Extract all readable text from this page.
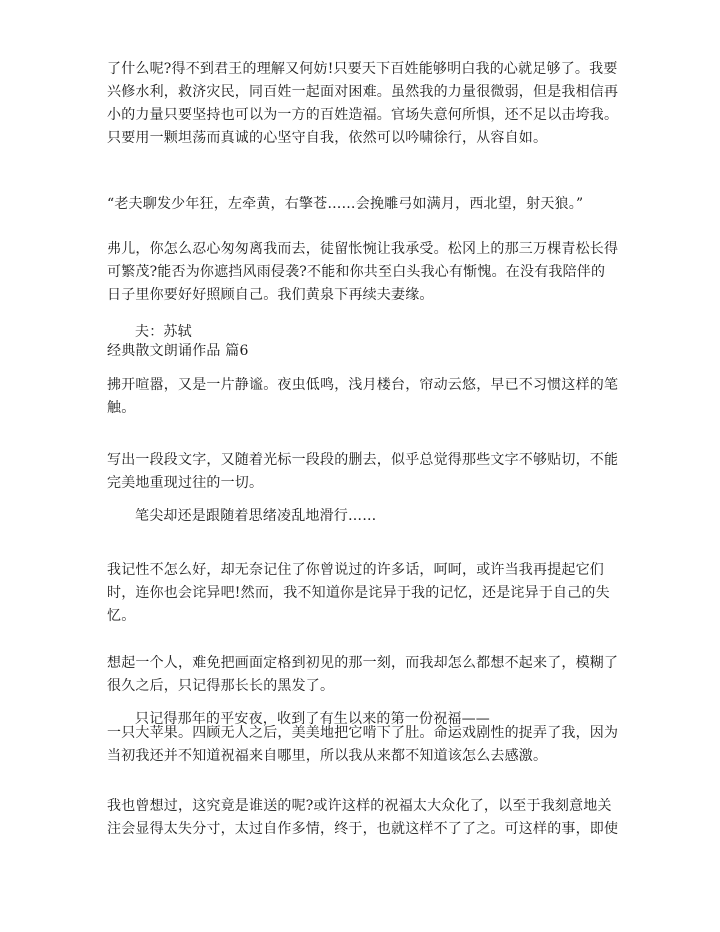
了什么呢?得不到君王的理解又何妨!只要天下百姓能够明白我的心就足够了。我要兴修水利，救济灾民，同百姓一起面对困难。虽然我的力量很微弱，但是我相信再小的力量只要坚持也可以为一方的百姓造福。官场失意何所惧，还不足以击垮我。只要用一颗坦荡而真诚的心坚守自我，依然可以吟啸徐行，从容自如。

“老夫聊发少年狂，左牵黄，右擎苍……会挽雕弓如满月，西北望，射天狼。”

弗儿，你怎么忍心匆匆离我而去，徒留怅惋让我承受。松冈上的那三万棵青松长得可繁茂?能否为你遮挡风雨侵袭?不能和你共至白头我心有惭愧。在没有我陪伴的日子里你要好好照顾自己。我们黄泉下再续夫妻缘。

夫：苏轼

经典散文朗诵作品 篇6

拂开喧嚣，又是一片静谧。夜虫低鸣，浅月楼台，帘动云悠，早已不习惯这样的笔触。

写出一段段文字，又随着光标一段段的删去，似乎总觉得那些文字不够贴切，不能完美地重现过往的一切。

笔尖却还是跟随着思绪凌乱地滑行……

我记性不怎么好，却无奈记住了你曾说过的许多话，呵呵，或许当我再提起它们时，连你也会诧异吧!然而，我不知道你是诧异于我的记忆，还是诧异于自己的失忆。

想起一个人，难免把画面定格到初见的那一刻，而我却怎么都想不起来了，模糊了很久之后，只记得那长长的黑发了。

只记得那年的平安夜，收到了有生以来的第一份祝福——

一只大苹果。四顾无人之后，美美地把它啃下了肚。命运戏剧性的捉弄了我，因为当初我还并不知道祝福来自哪里，所以我从来都不知道该怎么去感激。

我也曾想过，这究竟是谁送的呢?或许这样的祝福太大众化了，以至于我刻意地关注会显得太失分寸，太过自作多情，终于，也就这样不了了之。可这样的事，即使
